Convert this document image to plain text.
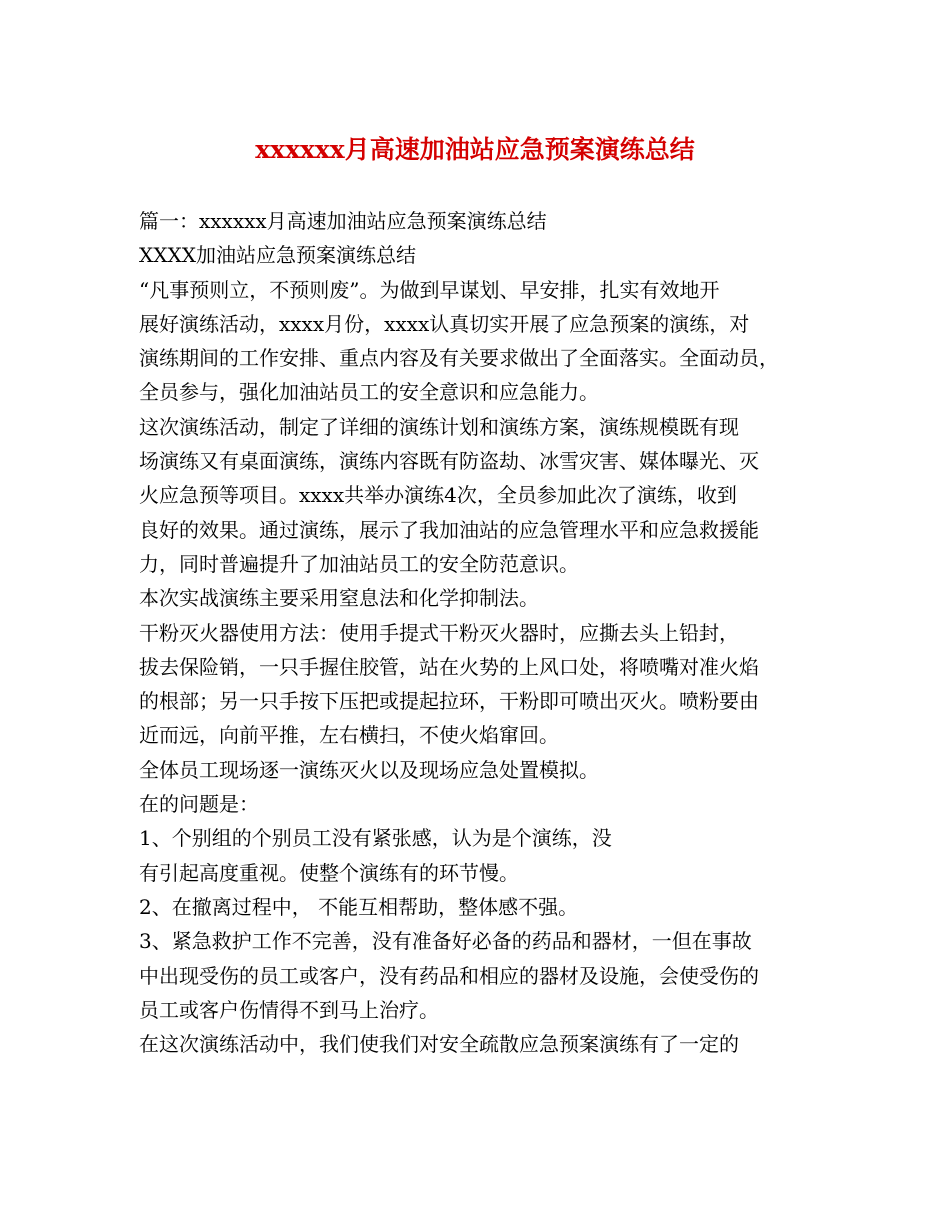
xxxxxx月高速加油站应急预案演练总结

篇一：xxxxxx月高速加油站应急预案演练总结

XXXX加油站应急预案演练总结

“凡事预则立，不预则废”。为做到早谋划、早安排，扎实有效地开

展好演练活动，xxxx月份，xxxx认真切实开展了应急预案的演练，对

演练期间的工作安排、重点内容及有关要求做出了全面落实。全面动员，

全员参与，强化加油站员工的安全意识和应急能力。

这次演练活动，制定了详细的演练计划和演练方案，演练规模既有现

场演练又有桌面演练，演练内容既有防盗劫、冰雪灾害、媒体曝光、灭

火应急预等项目。xxxx共举办演练4次，全员参加此次了演练，收到

良好的效果。通过演练，展示了我加油站的应急管理水平和应急救援能

力，同时普遍提升了加油站员工的安全防范意识。

本次实战演练主要采用窒息法和化学抑制法。

干粉灭火器使用方法：使用手提式干粉灭火器时，应撕去头上铅封，

拔去保险销，一只手握住胶管，站在火势的上风口处，将喷嘴对准火焰

的根部；另一只手按下压把或提起拉环，干粉即可喷出灭火。喷粉要由

近而远，向前平推，左右横扫，不使火焰窜回。

全体员工现场逐一演练灭火以及现场应急处置模拟。

在的问题是：

1、个别组的个别员工没有紧张感，认为是个演练，没

有引起高度重视。使整个演练有的环节慢。

2、在撤离过程中， 不能互相帮助，整体感不强。

3、紧急救护工作不完善，没有准备好必备的药品和器材，一但在事故

中出现受伤的员工或客户，没有药品和相应的器材及设施，会使受伤的

员工或客户伤情得不到马上治疗。

在这次演练活动中，我们使我们对安全疏散应急预案演练有了一定的
